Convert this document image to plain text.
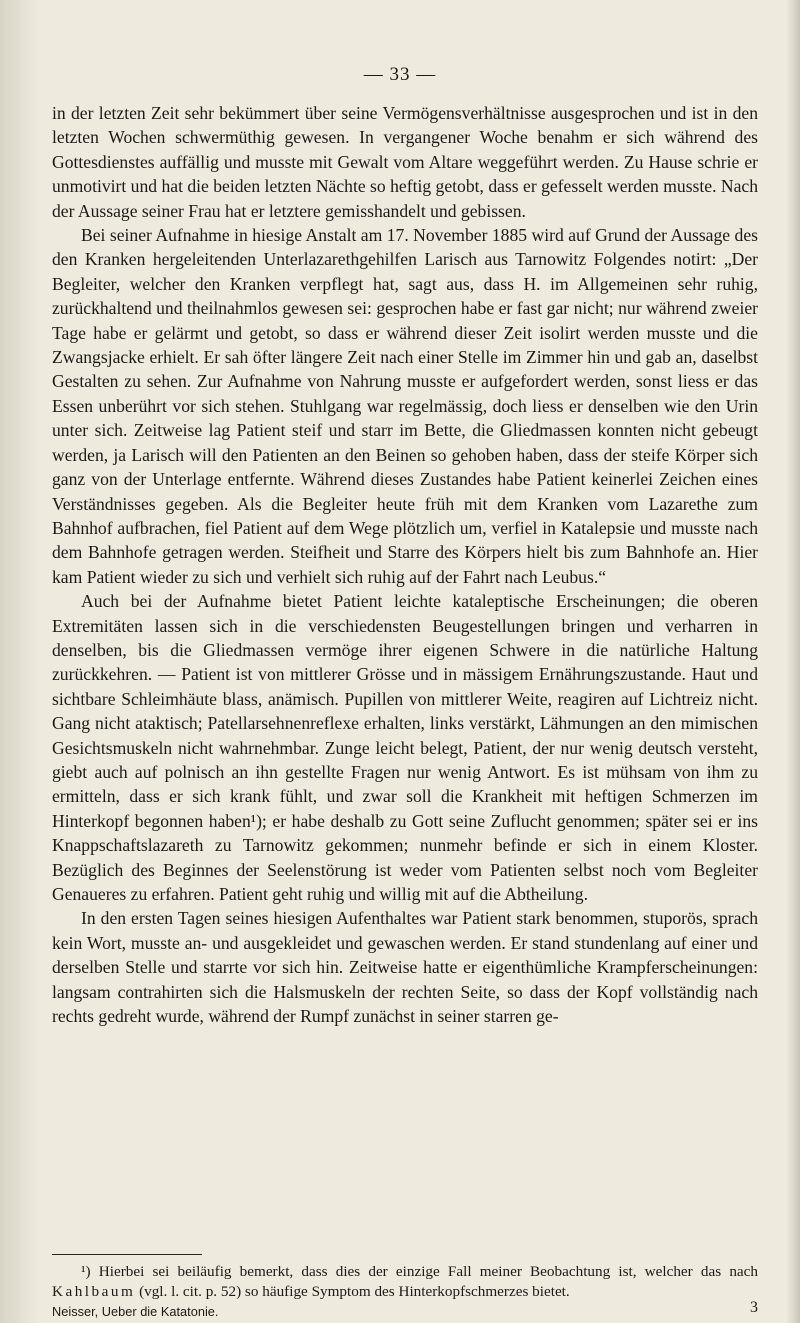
— 33 —

in der letzten Zeit sehr bekümmert über seine Vermögensverhältnisse ausgesprochen und ist in den letzten Wochen schwermüthig gewesen. In vergangener Woche benahm er sich während des Gottesdienstes auffällig und musste mit Gewalt vom Altare weggeführt werden. Zu Hause schrie er unmotivirt und hat die beiden letzten Nächte so heftig getobt, dass er gefesselt werden musste. Nach der Aussage seiner Frau hat er letztere gemisshandelt und gebissen.

Bei seiner Aufnahme in hiesige Anstalt am 17. November 1885 wird auf Grund der Aussage des den Kranken hergeleitenden Unterlazarethgehilfen Larisch aus Tarnowitz Folgendes notirt: „Der Begleiter, welcher den Kranken verpflegt hat, sagt aus, dass H. im Allgemeinen sehr ruhig, zurückhaltend und theilnahmlos gewesen sei: gesprochen habe er fast gar nicht; nur während zweier Tage habe er gelärmt und getobt, so dass er während dieser Zeit isolirt werden musste und die Zwangsjacke erhielt. Er sah öfter längere Zeit nach einer Stelle im Zimmer hin und gab an, daselbst Gestalten zu sehen. Zur Aufnahme von Nahrung musste er aufgefordert werden, sonst liess er das Essen unberührt vor sich stehen. Stuhlgang war regelmässig, doch liess er denselben wie den Urin unter sich. Zeitweise lag Patient steif und starr im Bette, die Gliedmassen konnten nicht gebeugt werden, ja Larisch will den Patienten an den Beinen so gehoben haben, dass der steife Körper sich ganz von der Unterlage entfernte. Während dieses Zustandes habe Patient keinerlei Zeichen eines Verständnisses gegeben. Als die Begleiter heute früh mit dem Kranken vom Lazarethe zum Bahnhof aufbrachen, fiel Patient auf dem Wege plötzlich um, verfiel in Katalepsie und musste nach dem Bahnhofe getragen werden. Steifheit und Starre des Körpers hielt bis zum Bahnhofe an. Hier kam Patient wieder zu sich und verhielt sich ruhig auf der Fahrt nach Leubus.“

Auch bei der Aufnahme bietet Patient leichte kataleptische Erscheinungen; die oberen Extremitäten lassen sich in die verschiedensten Beugestellungen bringen und verharren in denselben, bis die Gliedmassen vermöge ihrer eigenen Schwere in die natürliche Haltung zurückkehren. — Patient ist von mittlerer Grösse und in mässigem Ernährungszustande. Haut und sichtbare Schleimhäute blass, anämisch. Pupillen von mittlerer Weite, reagiren auf Lichtreiz nicht. Gang nicht ataktisch; Patellarsehnenreflexe erhalten, links verstärkt, Lähmungen an den mimischen Gesichtsmuskeln nicht wahrnehmbar. Zunge leicht belegt, Patient, der nur wenig deutsch versteht, giebt auch auf polnisch an ihn gestellte Fragen nur wenig Antwort. Es ist mühsam von ihm zu ermitteln, dass er sich krank fühlt, und zwar soll die Krankheit mit heftigen Schmerzen im Hinterkopf begonnen haben¹); er habe deshalb zu Gott seine Zuflucht genommen; später sei er ins Knappschaftslazareth zu Tarnowitz gekommen; nunmehr befinde er sich in einem Kloster. Bezüglich des Beginnes der Seelenstörung ist weder vom Patienten selbst noch vom Begleiter Genaueres zu erfahren. Patient geht ruhig und willig mit auf die Abtheilung.

In den ersten Tagen seines hiesigen Aufenthaltes war Patient stark benommen, stuporös, sprach kein Wort, musste an- und ausgekleidet und gewaschen werden. Er stand stundenlang auf einer und derselben Stelle und starrte vor sich hin. Zeitweise hatte er eigenthümliche Krampferscheinungen: langsam contrahirten sich die Halsmuskeln der rechten Seite, so dass der Kopf vollständig nach rechts gedreht wurde, während der Rumpf zunächst in seiner starren ge-

¹) Hierbei sei beiläufig bemerkt, dass dies der einzige Fall meiner Beobachtung ist, welcher das nach Kahlbaum (vgl. l. cit. p. 52) so häufige Symptom des Hinterkopfschmerzes bietet.

Neisser, Ueber die Katatonie.	3
